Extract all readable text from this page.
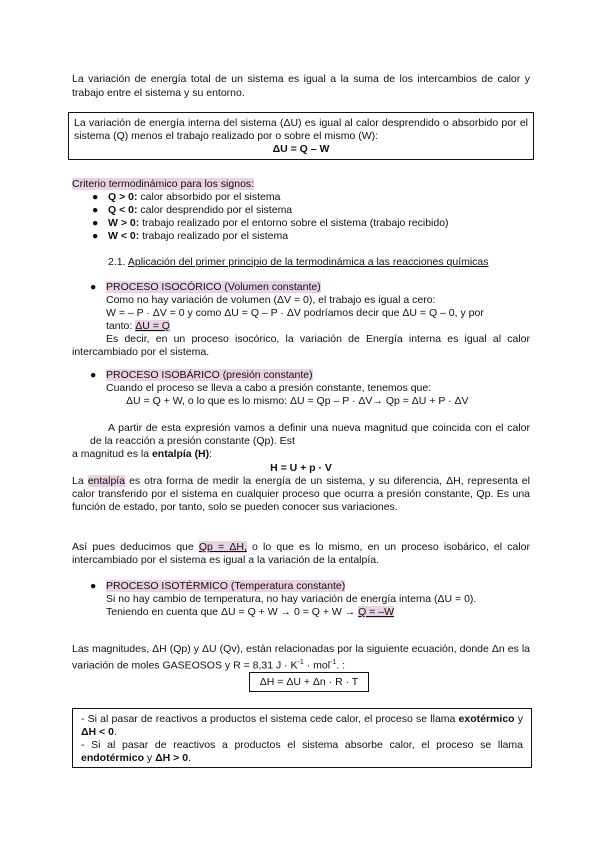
La variación de energía total de un sistema es igual a la suma de los intercambios de calor y trabajo entre el sistema y su entorno.
La variación de energía interna del sistema (ΔU) es igual al calor desprendido o absorbido por el sistema (Q) menos el trabajo realizado por o sobre el mismo (W):
ΔU = Q – W
Criterio termodinámico para los signos:
● Q > 0: calor absorbido por el sistema
● Q < 0: calor desprendido por el sistema
● W > 0: trabajo realizado por el entorno sobre el sistema (trabajo recibido)
● W < 0: trabajo realizado por el sistema
2.1. Aplicación del primer principio de la termodinámica a las reacciones químicas
● PROCESO ISOCÓRICO (Volumen constante)
Como no hay variación de volumen (ΔV = 0), el trabajo es igual a cero:
W = – P · ΔV = 0 y como ΔU = Q – P · ΔV podríamos decir que ΔU = Q – 0, y por
tanto: ΔU = Q
Es decir, en un proceso isocórico, la variación de Energía interna es igual al calor
intercambiado por el sistema.
● PROCESO ISOBÁRICO (presión constante)
Cuando el proceso se lleva a cabo a presión constante, tenemos que:
ΔU = Q + W, o lo que es lo mismo: ΔU = Qp – P · ΔV→ Qp = ΔU + P · ΔV
A partir de esta expresión vamos a definir una nueva magnitud que coincida con el calor de la reacción a presión constante (Qp). Est
a magnitud es la entalpía (H):
H = U + p · V
La entalpía es otra forma de medir la energía de un sistema, y su diferencia, ΔH, representa el calor transferido por el sistema en cualquier proceso que ocurra a presión constante, Qp. Es una función de estado, por tanto, solo se pueden conocer sus variaciones.
Así pues deducimos que Qp = ΔH, o lo que es lo mismo, en un proceso isobárico, el calor intercambiado por el sistema es igual a la variación de la entalpía.
● PROCESO ISOTÉRMICO (Temperatura constante)
Si no hay cambio de temperatura, no hay variación de energía interna (ΔU = 0).
Teniendo en cuenta que ΔU = Q + W → 0 = Q + W → Q = –W
Las magnitudes, ΔH (Qp) y ΔU (Qv), están relacionadas por la siguiente ecuación, donde Δn es la variación de moles GASEOSOS y R = 8,31 $J \cdot K^{-1} \cdot mol^{-1}$. :
ΔH = ΔU + Δn · R · T
- Si al pasar de reactivos a productos el sistema cede calor, el proceso se llama exotérmico y ΔH < 0.
- Si al pasar de reactivos a productos el sistema absorbe calor, el proceso se llama endotérmico y ΔH > 0.
